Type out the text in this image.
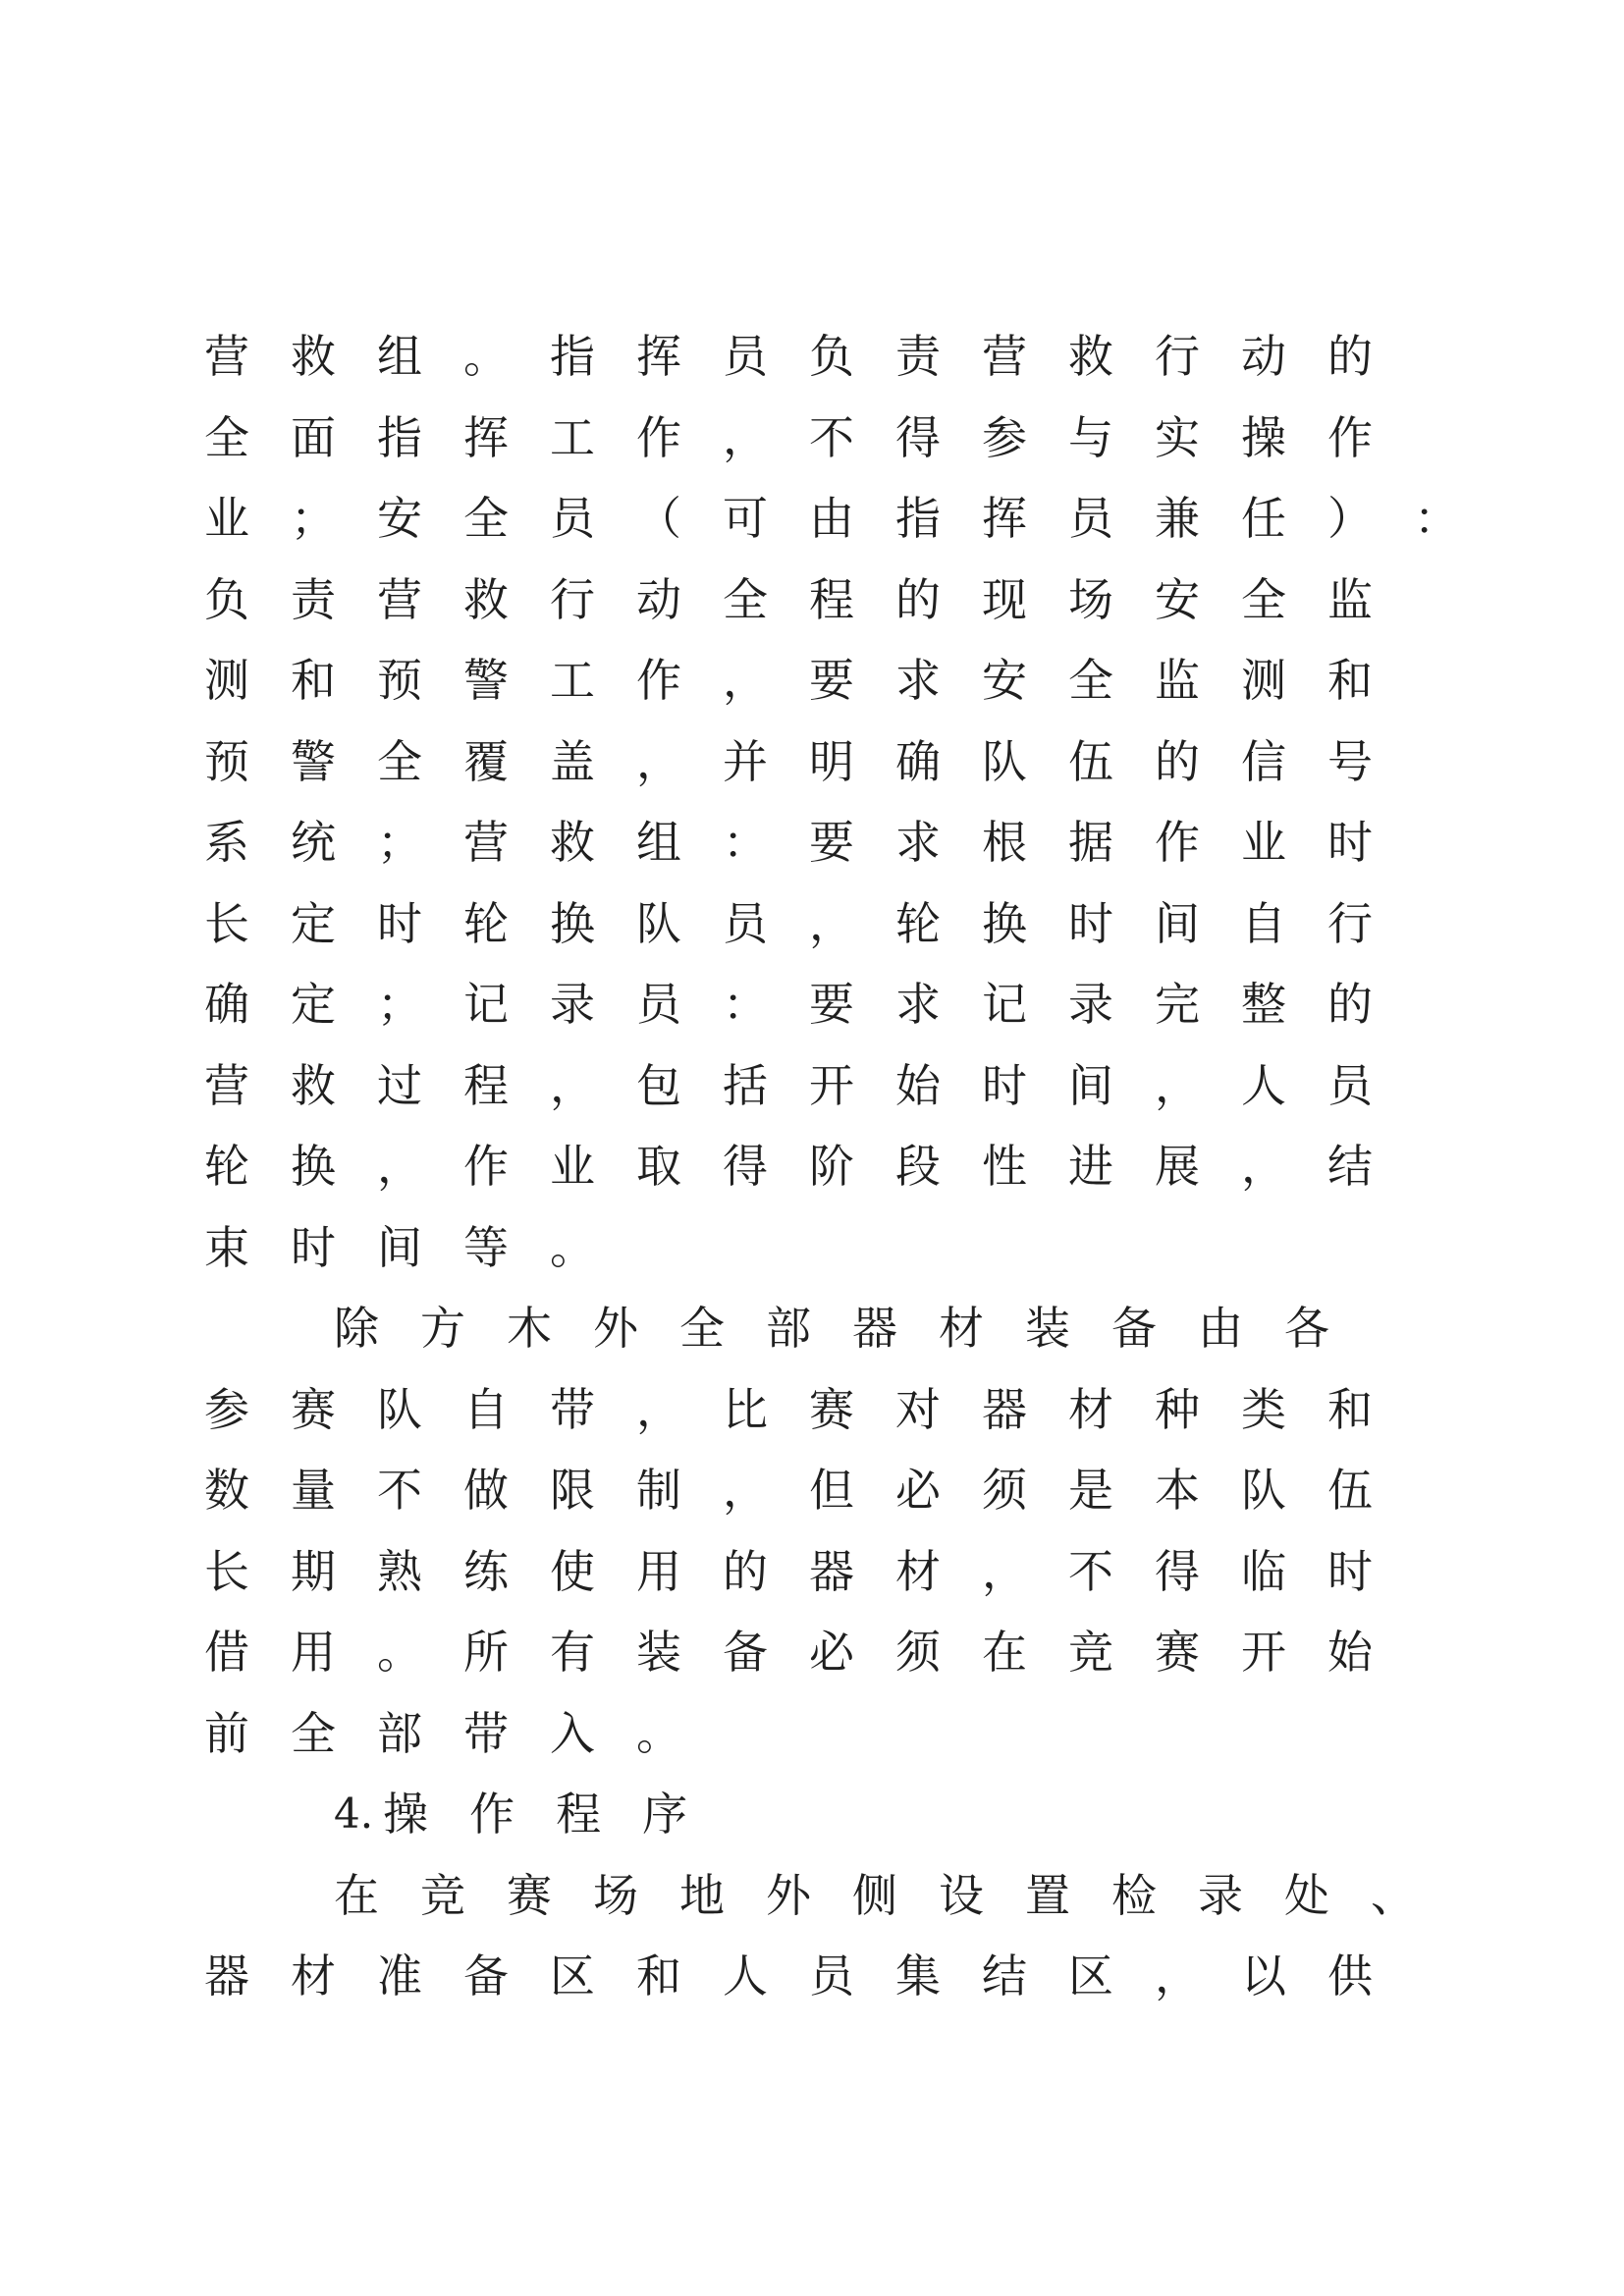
营 救 组 。 指 挥 员 负 责 营 救 行 动 的
全 面 指 挥 工 作 ， 不 得 参 与 实 操 作
业 ； 安 全 员 （ 可 由 指 挥 员 兼 任 ） ：
负 责 营 救 行 动 全 程 的 现 场 安 全 监
测 和 预 警 工 作 ， 要 求 安 全 监 测 和
预 警 全 覆 盖 ， 并 明 确 队 伍 的 信 号
系 统 ； 营 救 组 ： 要 求 根 据 作 业 时
长 定 时 轮 换 队 员 ， 轮 换 时 间 自 行
确 定 ； 记 录 员 ： 要 求 记 录 完 整 的
营 救 过 程 ， 包 括 开 始 时 间 ， 人 员
轮 换 ， 作 业 取 得 阶 段 性 进 展 ， 结
束 时 间 等 。
除 方 木 外 全 部 器 材 装 备 由 各
参 赛 队 自 带 ， 比 赛 对 器 材 种 类 和
数 量 不 做 限 制 ， 但 必 须 是 本 队 伍
长 期 熟 练 使 用 的 器 材 ， 不 得 临 时
借 用 。 所 有 装 备 必 须 在 竞 赛 开 始
前 全 部 带 入 。
4. 操 作 程 序
在 竞 赛 场 地 外 侧 设 置 检 录 处 、
器 材 准 备 区 和 人 员 集 结 区 ， 以 供
